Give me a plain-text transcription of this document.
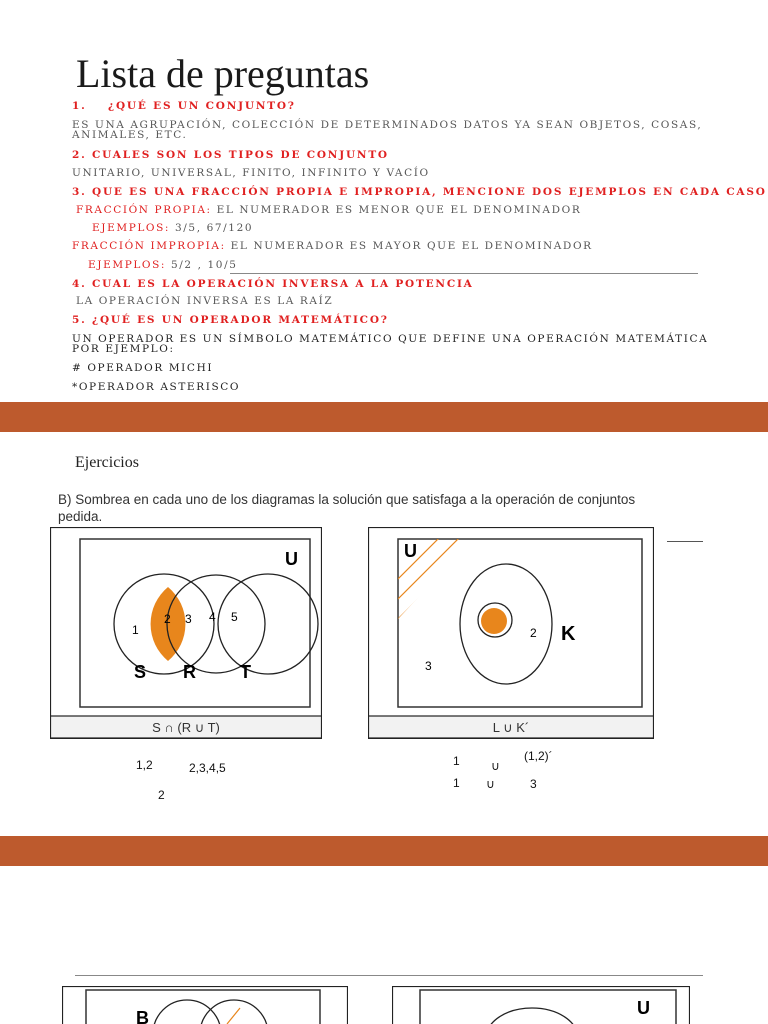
Lista de preguntas
1. ¿QUÉ ES UN CONJUNTO?
ES UNA AGRUPACIÓN, COLECCIÓN DE DETERMINADOS DATOS YA SEAN OBJETOS, COSAS,
ANIMALES, ETC.
2. CUALES SON LOS TIPOS DE CONJUNTO
UNITARIO, UNIVERSAL, FINITO, INFINITO Y VACÍO
3. QUE ES UNA FRACCIÓN PROPIA E IMPROPIA, MENCIONE DOS EJEMPLOS EN CADA CASO
FRACCIÓN PROPIA: EL NUMERADOR ES MENOR QUE EL DENOMINADOR
EJEMPLOS: 3/5, 67/120
FRACCIÓN IMPROPIA: EL NUMERADOR ES MAYOR QUE EL DENOMINADOR
EJEMPLOS: 5/2 , 10/5
4. CUAL ES LA OPERACIÓN INVERSA A LA POTENCIA
LA OPERACIÓN INVERSA ES LA RAÍZ
5. ¿QUÉ ES UN OPERADOR MATEMÁTICO?
UN OPERADOR ES UN SÍMBOLO MATEMÁTICO QUE DEFINE UNA OPERACIÓN MATEMÁTICA
POR EJEMPLO:
# OPERADOR MICHI
*OPERADOR ASTERISCO
Ejercicios
B) Sombrea en cada uno de los diagramas la solución que satisfaga a la operación de conjuntos
pedida.
U
1
2 3 4 5
S R T
S ∩ (R ∪ T)
U
2 K
3
L ∪ K´
1,2	2,3,4,5
2
1	∪
(1,2)´
1 ∪	3
B	U
